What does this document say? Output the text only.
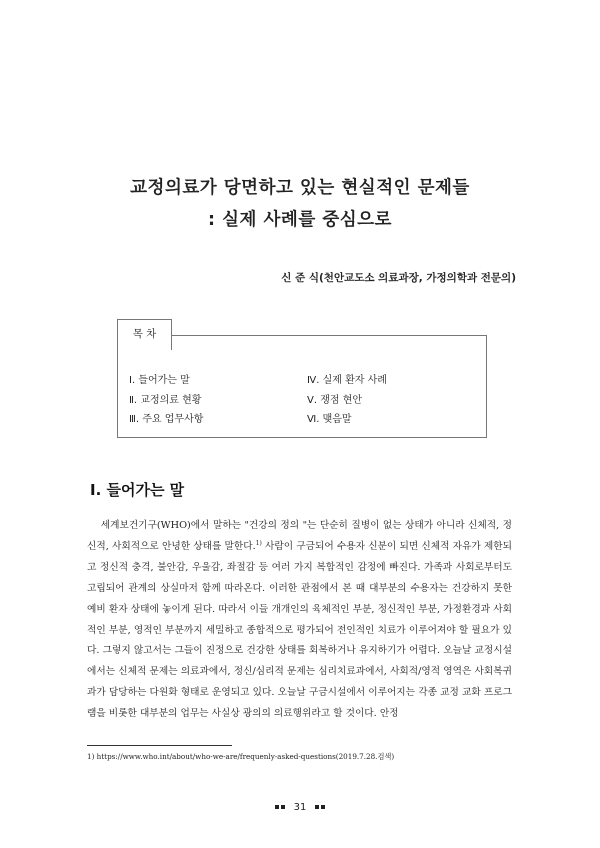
교정의료가 당면하고 있는 현실적인 문제들
: 실제 사례를 중심으로
신 준 식(천안교도소 의료과장, 가정의학과 전문의)
목 차
Ⅰ. 들어가는 말
Ⅱ. 교정의료 현황
Ⅲ. 주요 업무사항
Ⅳ. 실제 환자 사례
Ⅴ. 쟁점 현안
Ⅵ. 맺음말
Ⅰ. 들어가는 말
세계보건기구(WHO)에서 말하는 "건강의 정의 "는 단순히 질병이 없는 상태가 아니라 신체적, 정신적, 사회적으로 안녕한 상태를 말한다.$^{1)}$ 사람이 구금되어 수용자 신분이 되면 신체적 자유가 제한되고 정신적 충격, 불안감, 우울감, 좌절감 등 여러 가지 복합적인 감정에 빠진다. 가족과 사회로부터도 고립되어 관계의 상실마저 함께 따라온다. 이러한 관점에서 본 때 대부분의 수용자는 건강하지 못한 예비 환자 상태에 놓이게 된다. 따라서 이들 개개인의 육체적인 부분, 정신적인 부분, 가정환경과 사회적인 부분, 영적인 부분까지 세밀하고 종합적으로 평가되어 전인적인 치료가 이루어져야 할 필요가 있다. 그렇지 않고서는 그들이 진정으로 건강한 상태를 회복하거나 유지하기가 어렵다. 오늘날 교정시설에서는 신체적 문제는 의료과에서, 정신/심리적 문제는 심리치료과에서, 사회적/영적 영역은 사회복귀과가 담당하는 다원화 형태로 운영되고 있다. 오늘날 구금시설에서 이루어지는 각종 교정 교화 프로그램을 비롯한 대부분의 업무는 사실상 광의의 의료행위라고 할 것이다. 안정
1) https://www.who.int/about/who-we-are/frequenly-asked-questions(2019.7.28.검색)
31
